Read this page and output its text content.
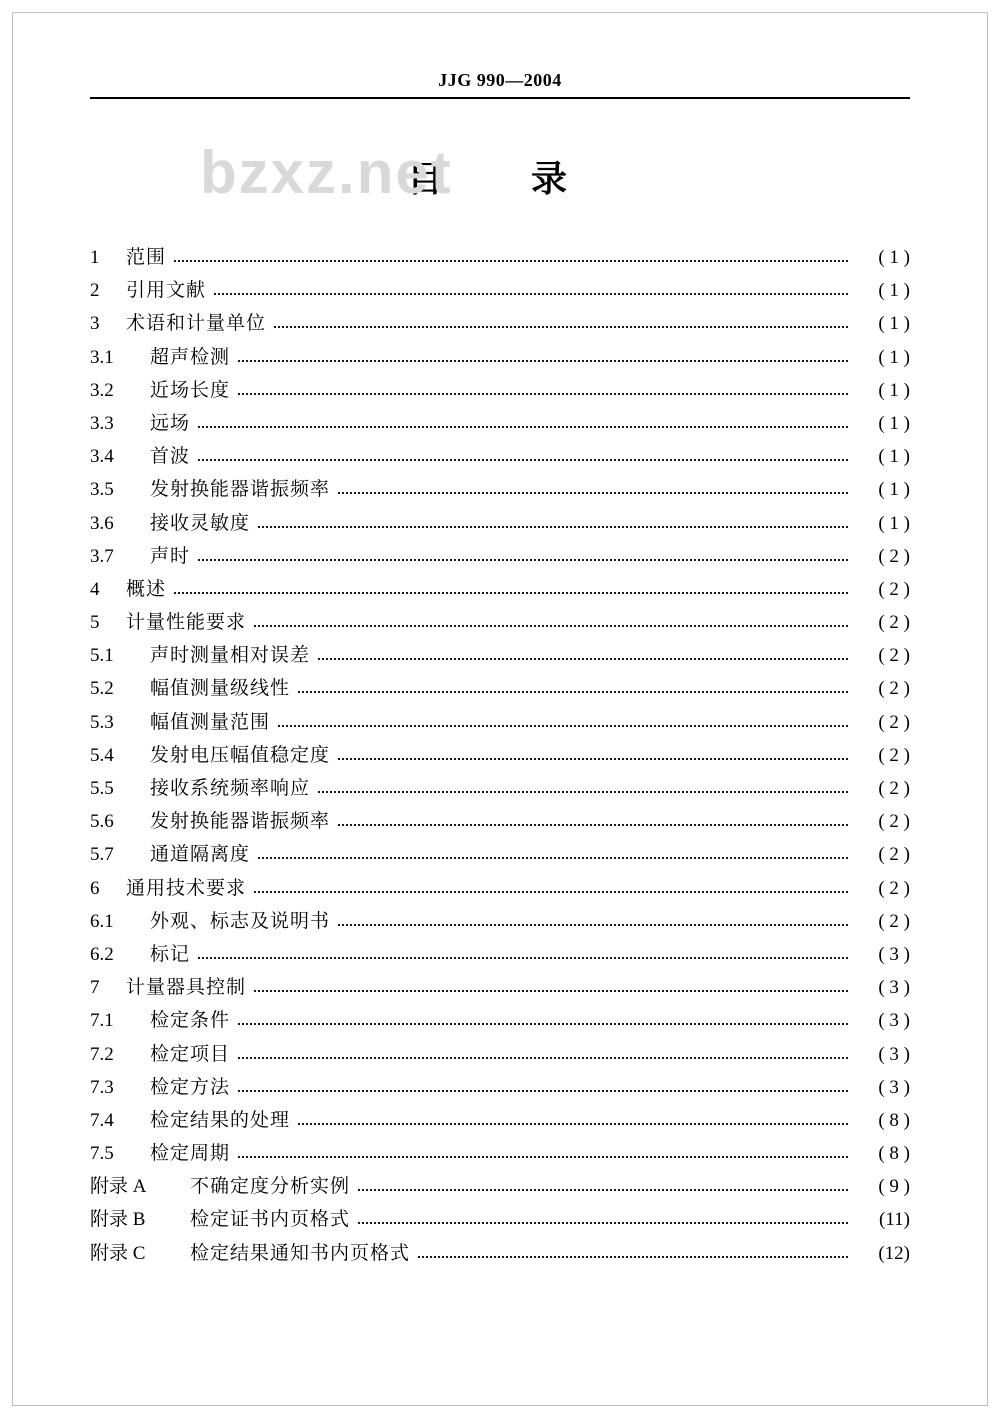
JJG 990—2004
目　录
1	范围	( 1 )
2	引用文献	( 1 )
3	术语和计量单位	( 1 )
3.1	超声检测	( 1 )
3.2	近场长度	( 1 )
3.3	远场	( 1 )
3.4	首波	( 1 )
3.5	发射换能器谐振频率	( 1 )
3.6	接收灵敏度	( 1 )
3.7	声时	( 2 )
4	概述	( 2 )
5	计量性能要求	( 2 )
5.1	声时测量相对误差	( 2 )
5.2	幅值测量级线性	( 2 )
5.3	幅值测量范围	( 2 )
5.4	发射电压幅值稳定度	( 2 )
5.5	接收系统频率响应	( 2 )
5.6	发射换能器谐振频率	( 2 )
5.7	通道隔离度	( 2 )
6	通用技术要求	( 2 )
6.1	外观、标志及说明书	( 2 )
6.2	标记	( 3 )
7	计量器具控制	( 3 )
7.1	检定条件	( 3 )
7.2	检定项目	( 3 )
7.3	检定方法	( 3 )
7.4	检定结果的处理	( 8 )
7.5	检定周期	( 8 )
附录 A	不确定度分析实例	( 9 )
附录 B	检定证书内页格式	(11)
附录 C	检定结果通知书内页格式	(12)
bzxz.net
